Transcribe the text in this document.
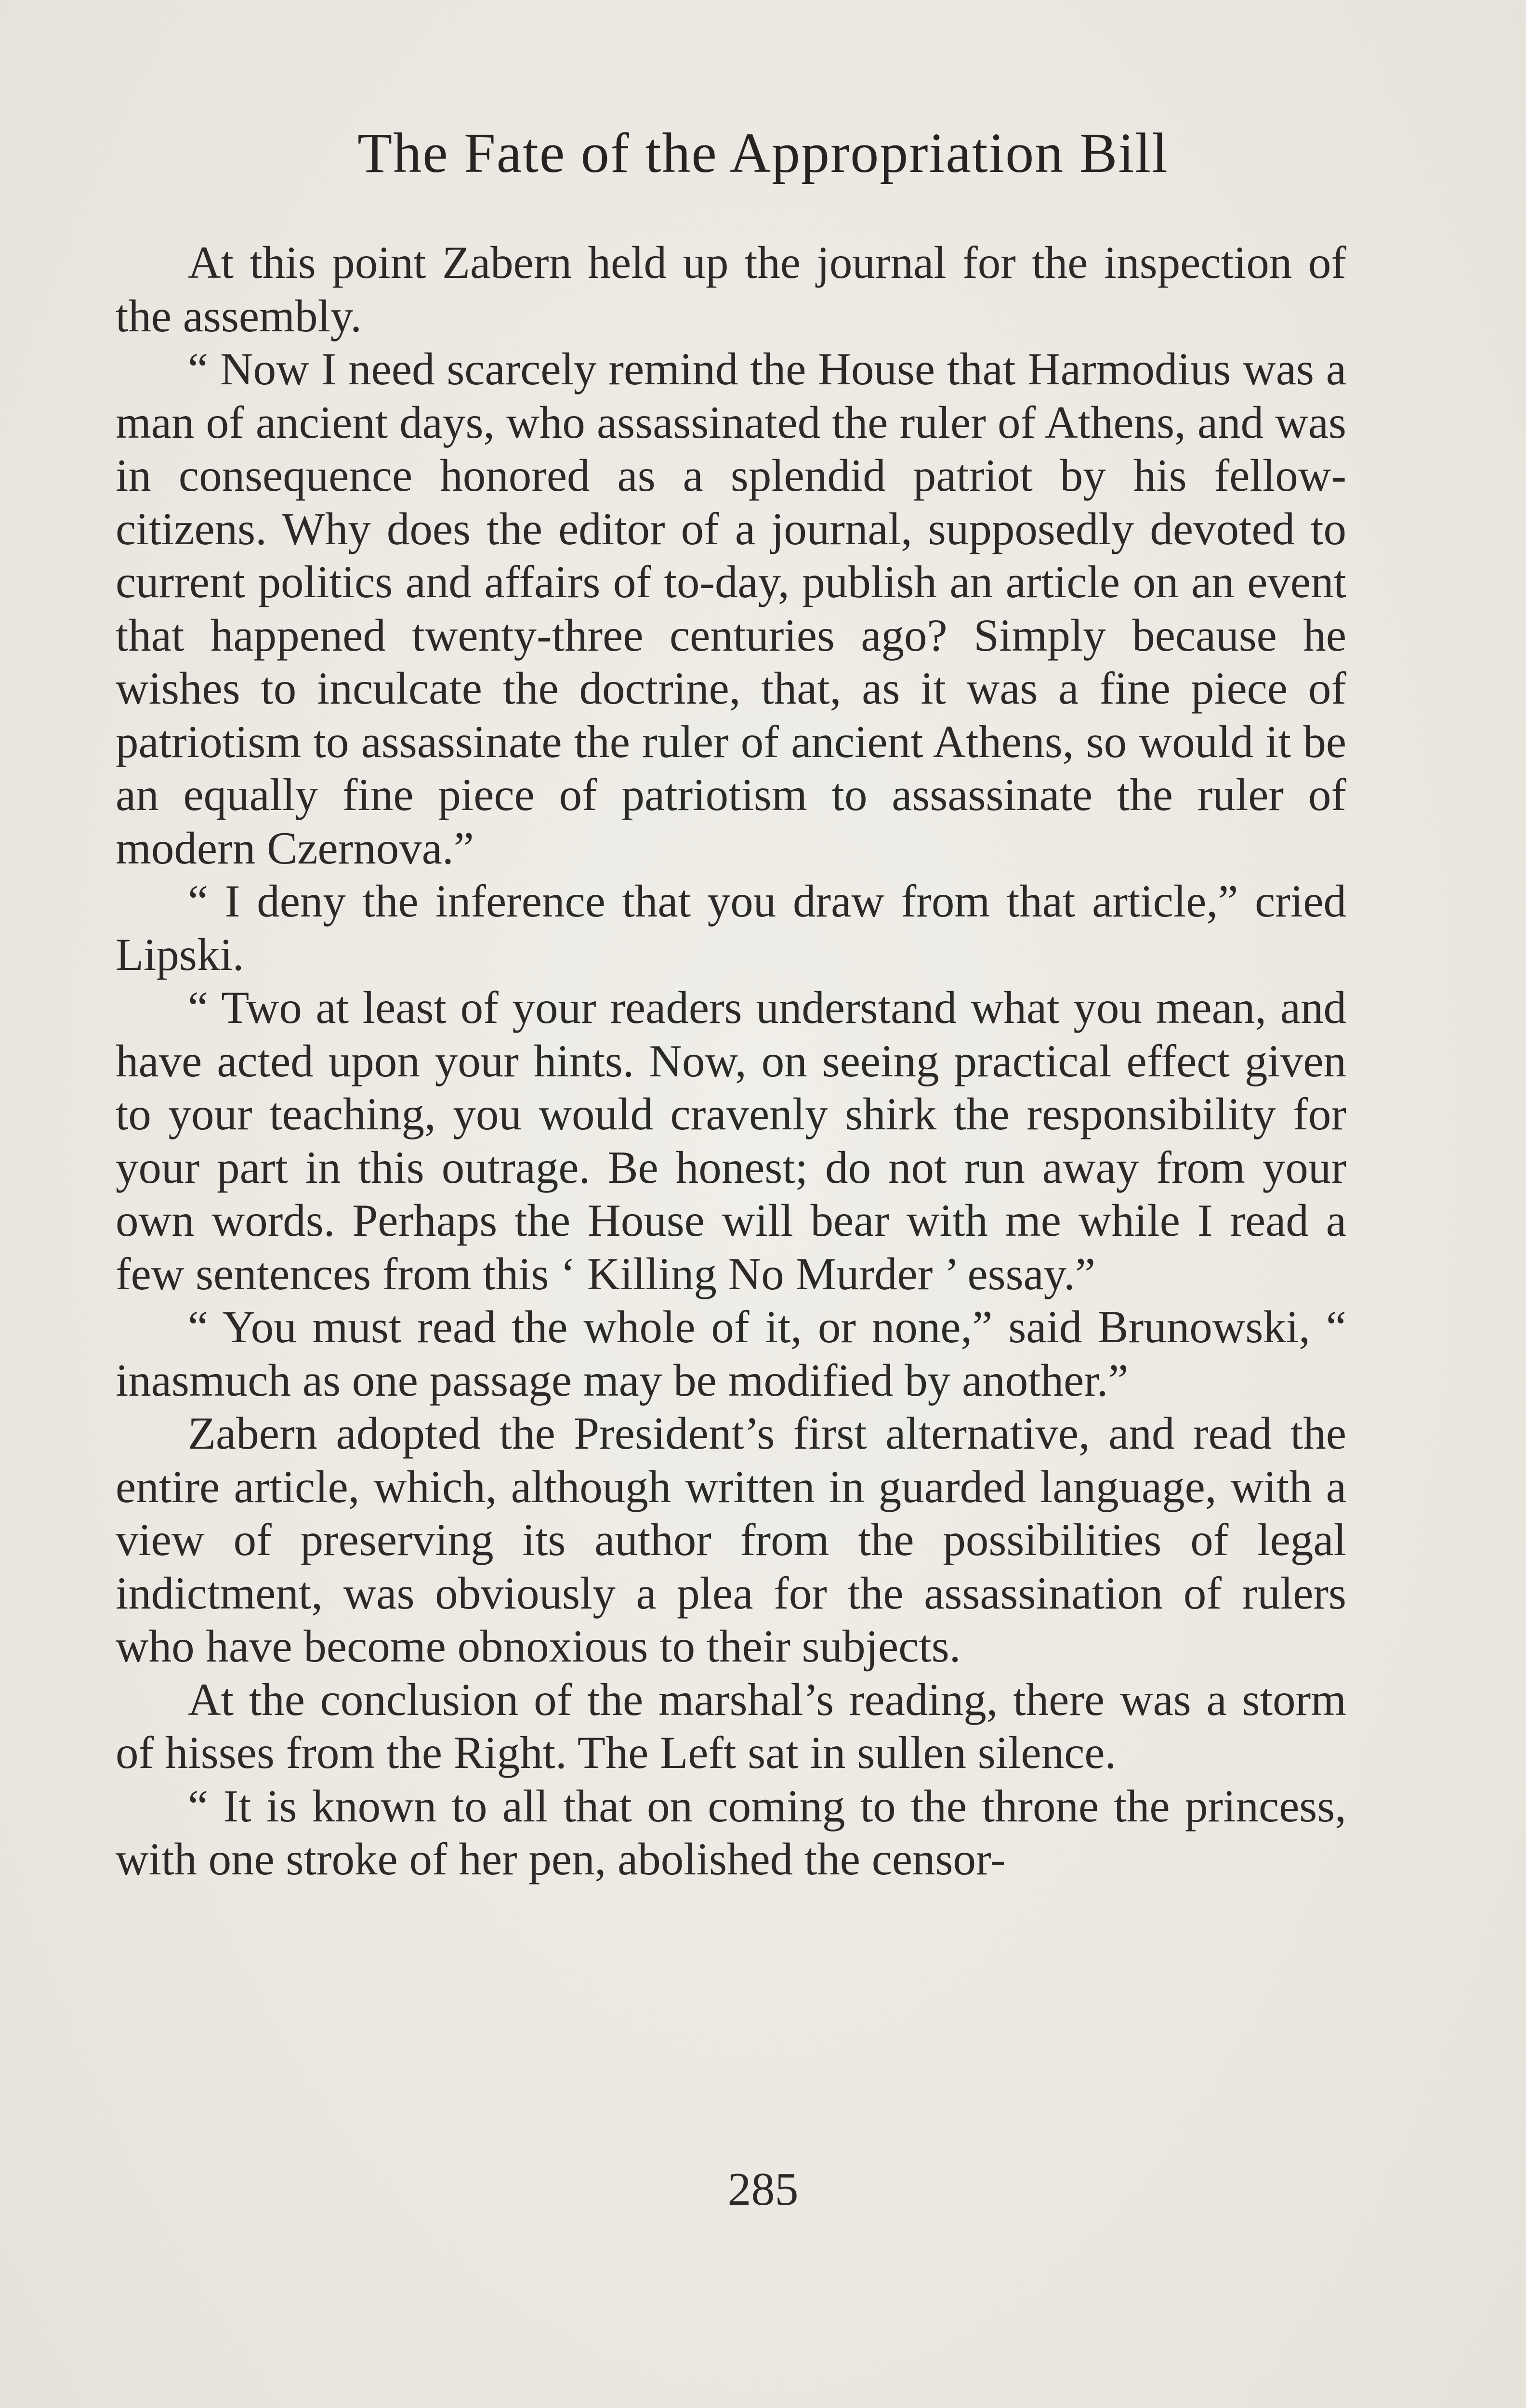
The Fate of the Appropriation Bill

At this point Zabern held up the journal for the inspection of the assembly.

“ Now I need scarcely remind the House that Harmodius was a man of ancient days, who assassinated the ruler of Athens, and was in consequence honored as a splendid patriot by his fellow-citizens. Why does the editor of a journal, supposedly devoted to current politics and affairs of to-day, publish an article on an event that happened twenty-three centuries ago? Simply because he wishes to inculcate the doctrine, that, as it was a fine piece of patriotism to assassinate the ruler of ancient Athens, so would it be an equally fine piece of patriotism to assassinate the ruler of modern Czernova.”

“ I deny the inference that you draw from that article,” cried Lipski.

“ Two at least of your readers understand what you mean, and have acted upon your hints. Now, on seeing practical effect given to your teaching, you would cravenly shirk the responsibility for your part in this outrage. Be honest; do not run away from your own words. Perhaps the House will bear with me while I read a few sentences from this ‘ Killing No Murder ’ essay.”

“ You must read the whole of it, or none,” said Brunowski, “ inasmuch as one passage may be modified by another.”

Zabern adopted the President’s first alternative, and read the entire article, which, although written in guarded language, with a view of preserving its author from the possibilities of legal indictment, was obviously a plea for the assassination of rulers who have become obnoxious to their subjects.

At the conclusion of the marshal’s reading, there was a storm of hisses from the Right. The Left sat in sullen silence.

“ It is known to all that on coming to the throne the princess, with one stroke of her pen, abolished the censor-

285
